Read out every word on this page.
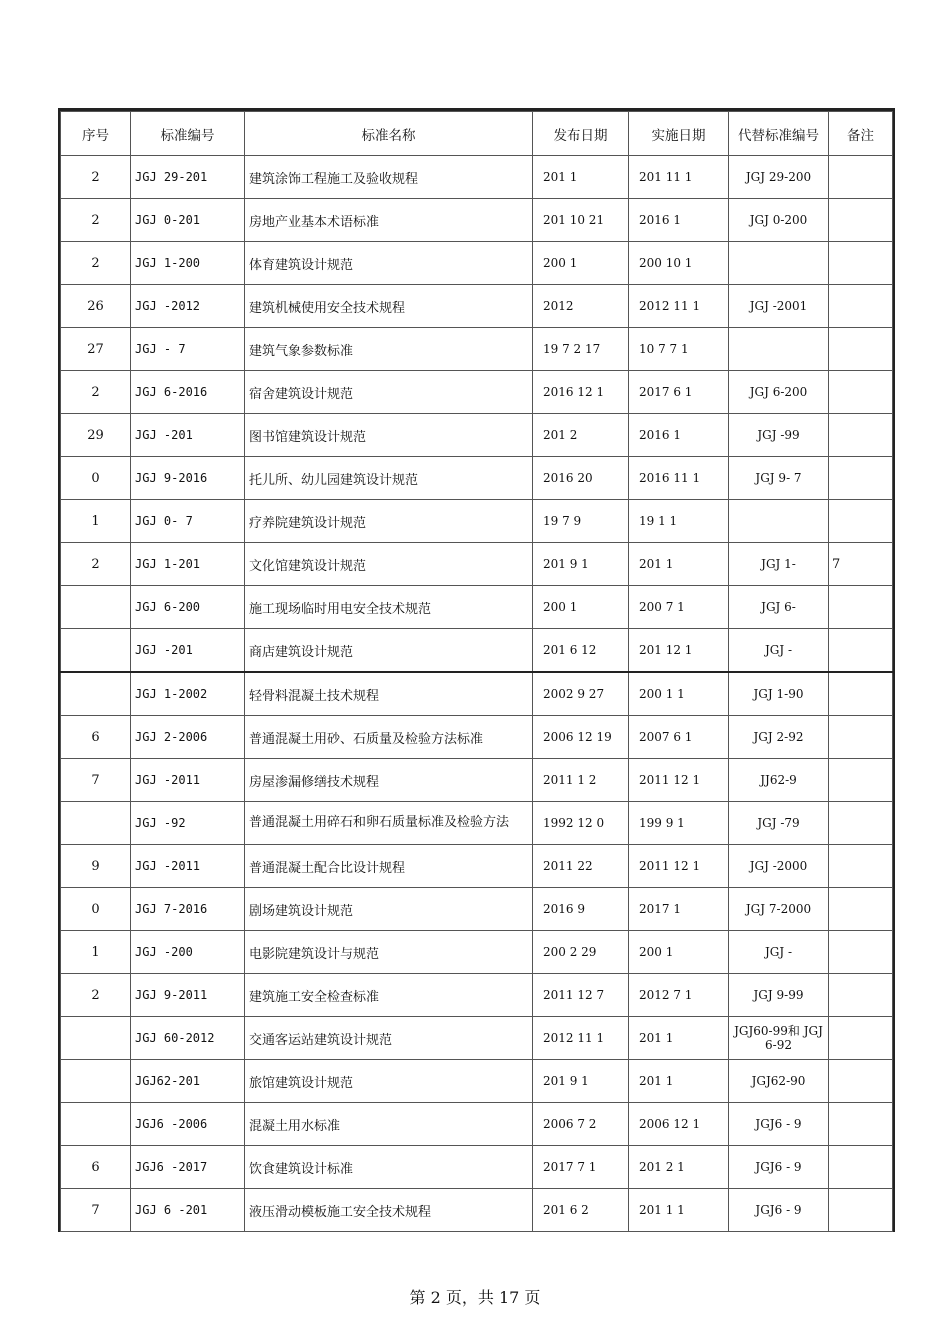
序号	标准编号	标准名称	发布日期	实施日期	代替标准编号	备注
2	JGJ 29-201	建筑涂饰工程施工及验收规程	201 1	201 11 1	JGJ 29-200	
2	JGJ 0-201	房地产业基本术语标准	201 10 21	2016 1	JGJ 0-200	
2	JGJ 1-200	体育建筑设计规范	200 1	200 10 1		
26	JGJ -2012	建筑机械使用安全技术规程	2012	2012 11 1	JGJ -2001	
27	JGJ - 7	建筑气象参数标准	19 7 2 17	10 7 7 1		
2	JGJ 6-2016	宿舍建筑设计规范	2016 12 1	2017 6 1	JGJ 6-200	
29	JGJ -201	图书馆建筑设计规范	201 2	2016 1	JGJ -99	
0	JGJ 9-2016	托儿所、幼儿园建筑设计规范	2016 20	2016 11 1	JGJ 9- 7	
1	JGJ 0- 7	疗养院建筑设计规范	19 7 9	19 1 1		
2	JGJ 1-201	文化馆建筑设计规范	201 9 1	201 1	JGJ 1-	7
	JGJ 6-200	施工现场临时用电安全技术规范	200 1	200 7 1	JGJ 6-	
	JGJ -201	商店建筑设计规范	201 6 12	201 12 1	JGJ -	
	JGJ 1-2002	轻骨料混凝土技术规程	2002 9 27	200 1 1	JGJ 1-90	
6	JGJ 2-2006	普通混凝土用砂、石质量及检验方法标准	2006 12 19	2007 6 1	JGJ 2-92	
7	JGJ -2011	房屋渗漏修缮技术规程	2011 1 2	2011 12 1	JJ62-9	
	JGJ -92	普通混凝土用碎石和卵石质量标准及检验方法	1992 12 0	199 9 1	JGJ -79	
9	JGJ -2011	普通混凝土配合比设计规程	2011 22	2011 12 1	JGJ -2000	
0	JGJ 7-2016	剧场建筑设计规范	2016 9	2017 1	JGJ 7-2000	
1	JGJ -200	电影院建筑设计与规范	200 2 29	200 1	JGJ -	
2	JGJ 9-2011	建筑施工安全检查标准	2011 12 7	2012 7 1	JGJ 9-99	
	JGJ 60-2012	交通客运站建筑设计规范	2012 11 1	201 1	JGJ60-99和 JGJ 6-92	
	JGJ62-201	旅馆建筑设计规范	201 9 1	201 1	JGJ62-90	
	JGJ6 -2006	混凝土用水标准	2006 7 2	2006 12 1	JGJ6 - 9	
6	JGJ6 -2017	饮食建筑设计标准	2017 7 1	201 2 1	JGJ6 - 9	
7	JGJ 6 -201	液压滑动模板施工安全技术规程	201 6 2	201 1 1	JGJ6 - 9	
第 2 页，共 17 页
